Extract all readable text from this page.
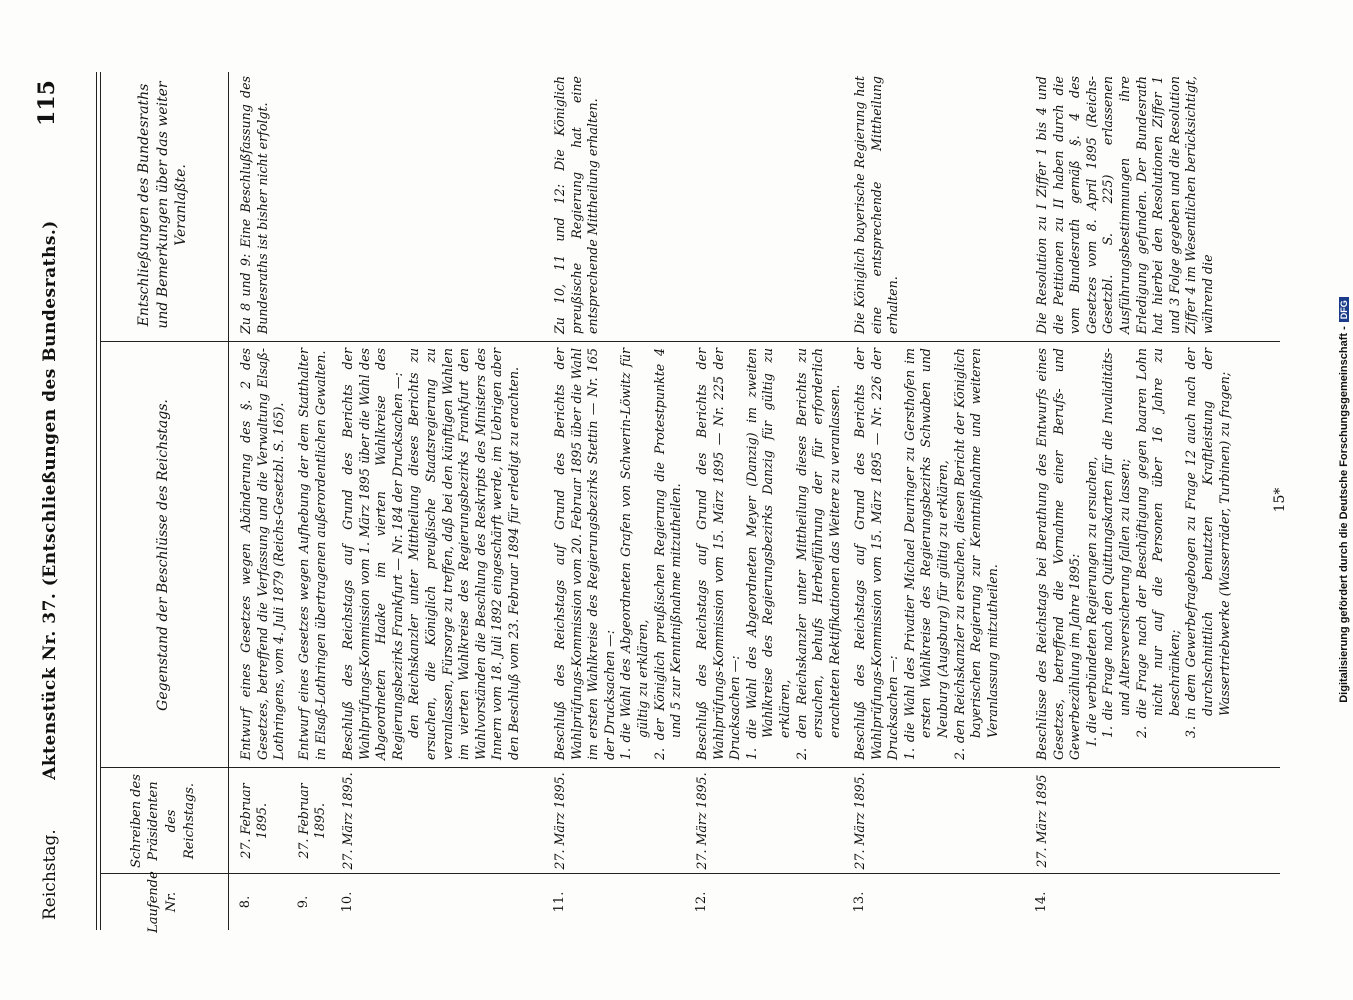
Reichstag.
Aktenstück Nr. 37. (Entschließungen des Bundesraths.)
115
Laufende Nr.
Schreiben des Präsidenten des Reichstags.
Gegenstand der Beschlüsse des Reichstags.
Entschließungen des Bundesraths und Bemerkungen über das weiter Veranlaßte.
8.
27. Februar 1895.
Entwurf eines Gesetzes wegen Abänderung des §. 2 des Gesetzes, betreffend die Verfassung und die Verwaltung Elsaß-Lothringens, vom 4. Juli 1879 (Reichs-Gesetzbl. S. 165).
Zu 8 und 9: Eine Beschlußfassung des Bundesraths ist bisher nicht erfolgt.
9.
27. Februar 1895.
Entwurf eines Gesetzes wegen Aufhebung der dem Statthalter in Elsaß-Lothringen übertragenen außerordentlichen Gewalten.
10.
27. März 1895.
Beschluß des Reichstags auf Grund des Berichts der Wahlprüfungs-Kommission vom 1. März 1895 über die Wahl des Abgeordneten Haake im vierten Wahlkreise des Regierungsbezirks Frankfurt — Nr. 184 der Drucksachen —: den Reichskanzler unter Mittheilung dieses Berichts zu ersuchen, die Königlich preußische Staatsregierung zu veranlassen, Fürsorge zu treffen, daß bei den künftigen Wahlen im vierten Wahlkreise des Regierungsbezirks Frankfurt den Wahlvorständen die Beschlung des Reskripts des Ministers des Innern vom 18. Juli 1892 eingeschärft werde, im Uebrigen aber den Beschluß vom 23. Februar 1894 für erledigt zu erachten.
11.
27. März 1895.
Beschluß des Reichstags auf Grund des Berichts der Wahlprüfungs-Kommission vom 20. Februar 1895 über die Wahl im ersten Wahlkreise des Regierungsbezirks Stettin — Nr. 165 der Drucksachen —: 1. die Wahl des Abgeordneten Grafen von Schwerin-Löwitz für gültig zu erklären,
2. der Königlich preußischen Regierung die Protestpunkte 4 und 5 zur Kenntnißnahme mitzutheilen.
Zu 10, 11 und 12: Die Königlich preußische Regierung hat eine entsprechende Mittheilung erhalten.
12.
27. März 1895.
Beschluß des Reichstags auf Grund des Berichts der Wahlprüfungs-Kommission vom 15. März 1895 — Nr. 225 der Drucksachen —: 1. die Wahl des Abgeordneten Meyer (Danzig) im zweiten Wahlkreise des Regierungsbezirks Danzig für gültig zu erklären,
2. den Reichskanzler unter Mittheilung dieses Berichts zu ersuchen, behufs Herbeiführung der für erforderlich erachteten Rektifikationen das Weitere zu veranlassen.
13.
27. März 1895.
Beschluß des Reichstags auf Grund des Berichts der Wahlprüfungs-Kommission vom 15. März 1895 — Nr. 226 der Drucksachen —: 1. die Wahl des Privatier Michael Deuringer zu Gersthofen im ersten Wahlkreise des Regierungsbezirks Schwaben und Neuburg (Augsburg) für gültig zu erklären,
2. den Reichskanzler zu ersuchen, diesen Bericht der Königlich bayerischen Regierung zur Kenntnißnahme und weiteren Veranlassung mitzutheilen.
Die Königlich bayerische Regierung hat eine entsprechende Mittheilung erhalten.
14.
27. März 1895
Beschlüsse des Reichstags bei Berathung des Entwurfs eines Gesetzes, betreffend die Vornahme einer Berufs- und Gewerbezählung im Jahre 1895: I. die verbündeten Regierungen zu ersuchen, 1. die Frage nach den Quittungskarten für die Invaliditäts- und Altersversicherung fallen zu lassen;
2. die Frage nach der Beschäftigung gegen baaren Lohn nicht nur auf die Personen über 16 Jahre zu beschränken;
3. in dem Gewerbefragebogen zu Frage 12 auch nach der durchschnittlich benutzten Kraftleistung der Wassertriebwerke (Wasserräder, Turbinen) zu fragen;
Die Resolution zu I Ziffer 1 bis 4 und die Petitionen zu II haben durch die vom Bundesrath gemäß §. 4 des Gesetzes vom 8. April 1895 (Reichs-Gesetzbl. S. 225) erlassenen Ausführungsbestimmungen ihre Erledigung gefunden. Der Bundesrath hat hierbei den Resolutionen Ziffer 1 und 3 Folge gegeben und die Resolution Ziffer 4 im Wesentlichen berücksichtigt, während die
15*	Digitalisierung gefördert durch die Deutsche Forschungsgemeinschaft -DFG
